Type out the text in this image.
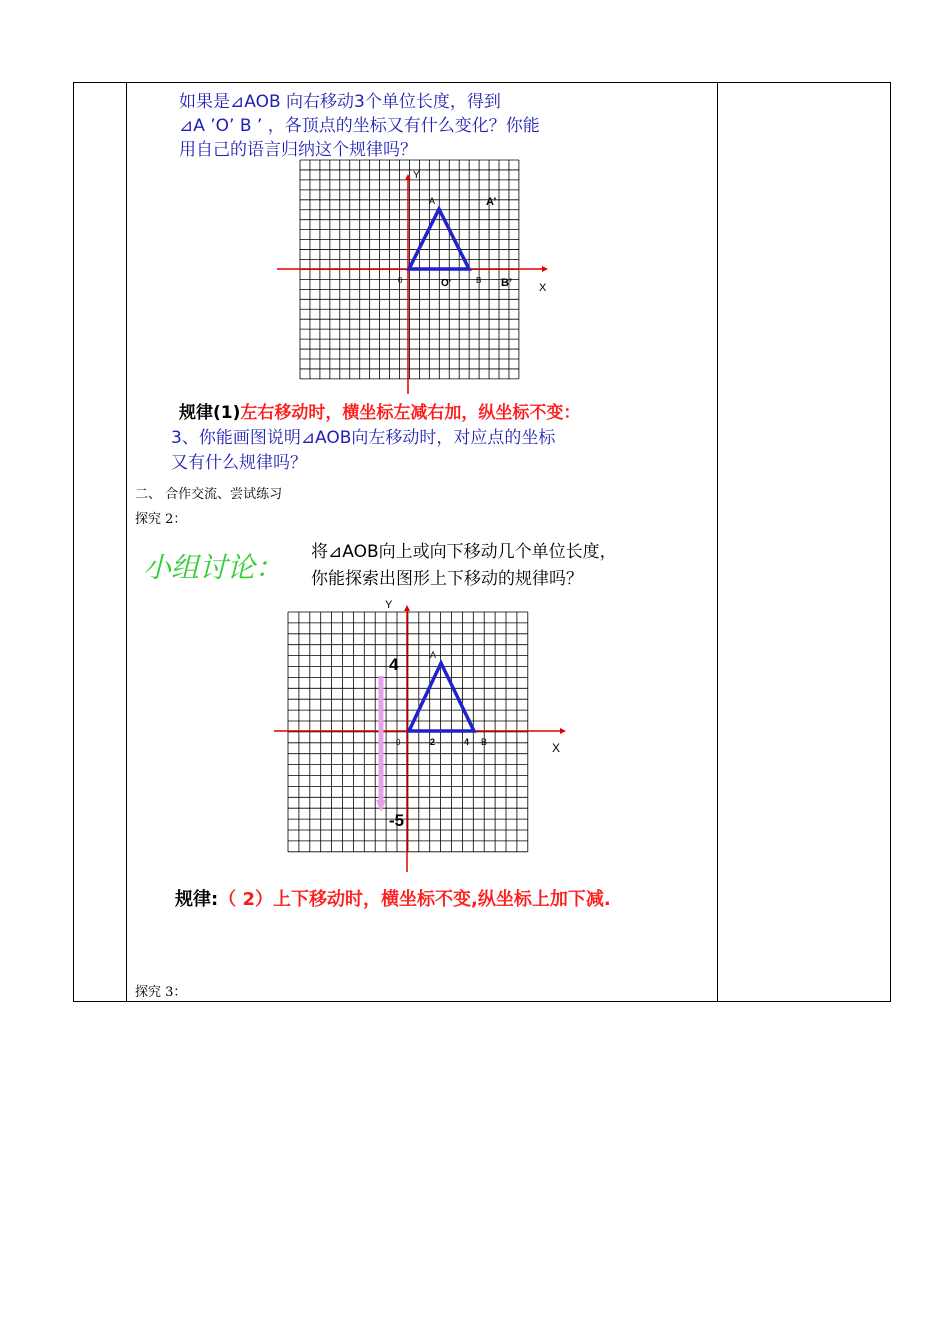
如果是⊿AOB 向右移动3个单位长度，得到
⊿A ’O’ B ’ ，各顶点的坐标又有什么变化？你能
用自己的语言归纳这个规律吗？
Y
X
0
A
B
A’
O'	B’
规律(1)左右移动时，横坐标左减右加，纵坐标不变：
3、你能画图说明⊿AOB向左移动时，对应点的坐标
又有什么规律吗？
二、 合作交流、尝试练习
探究 2：
小组讨论： 将⊿AOB向上或向下移动几个单位长度，
你能探索出图形上下移动的规律吗？
Y
X
0
A
B
2	4
4
-5
规律:（ 2）上下移动时，横坐标不变,纵坐标上加下减.
探究 3：
